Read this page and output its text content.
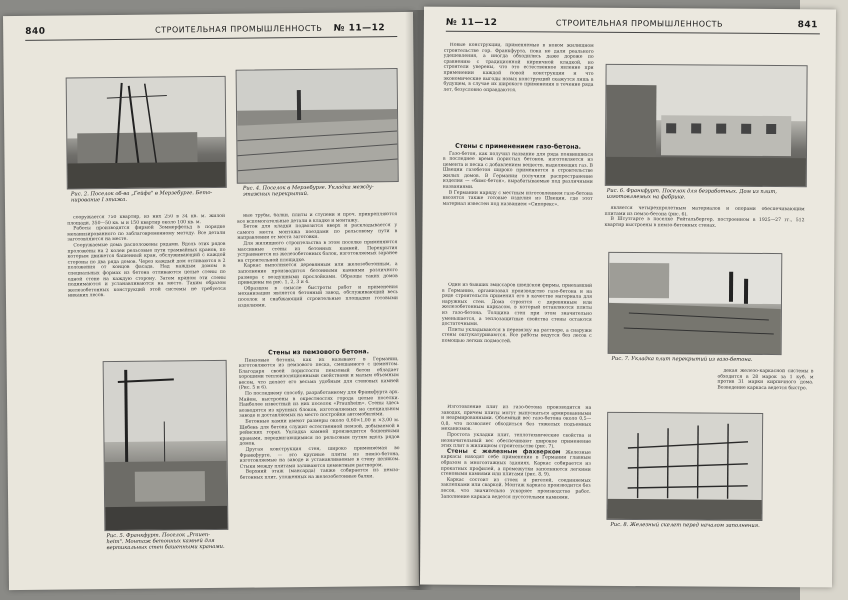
840	СТРОИТЕЛЬНАЯ ПРОМЫШЛЕННОСТЬ № 11—12
Рис. 2. Поселок об-ва „Гейфа" в Мерзебурге. Бето-нирование I этажа.
Рис. 4. Поселок в Мерзебурге. Укладка между-этажных перекрытий.

сооружается 750 квартир, из них 250 в 34 кв. м. жилой площади, 350—50 кв. м и 150 квартир около 100 кв. м.

Работы производятся фирмой Зоммерфельд в порядке механизированного по заблаговременному методу. Все детали заготовляются на месте.

Сооружаемые дома расположены рядами. Вдоль этих рядов проложены на 2 колеи рельсовые пути трамвайных кранов, по которым движется башенный кран, обслуживающий с каждой стороны по два ряда домов. Через каждый дом отливаются в 2 положения от концов фасада. Над каждым домом в специальных формах из бетона отливаются целые стены по одной стене на каждую сторону. Затем краном эти стены поднимаются и устанавливаются на место. Таким образом железобетонных конструкций этой системы не требуется никаких лесов.

Рис. 5. Франкфурт. Поселок „Prauen-heim". Монтаж бетонных камней для вертикальных стен башенными кранами.

ные трубы, балки, плиты и ступени и проч. прикрепляются все вспомогательные детали в кладке и монтажу.

Бетон для кладки подвозится вверх и раскладывается у самого места монтажа поездами по рельсовому пути в направлении от места заготовки.

Для жилищного строительства в этом поселке применяются массивные стены из бетонных камней. Перекрытия устраиваются из железобетонных балок, изготовляемых заранее на строительной площадке.

Каркас выполняется деревянным или железобетонным, а заполнение производится бетонными камнями различного размера с воздушными прослойками. Образцы таких домов приведены на рис. 1, 2, 3 и 4.

Образцом в смысле быстроты работ и применения механизации является бетонный завод, обслуживающий весь поселок и снабжающий строительные площадки готовыми изделиями.

Стены из пемзового бетона.

Пемзовые бетоны, как их называют в Германии, изготовляются из пемзового песка, смешанного с цементом. Благодаря своей пористости пемзовый бетон обладает хорошими теплоизоляционными свойствами и малым объемным весом, что делает его весьма удобным для стеновых камней (Рис. 5 и 6).

По последнему способу, разработанному для Франкфурта арх. Майем, выстроены в окрестностях города целые поселки. Наиболее известный из них поселок «Praunheim». Стены здесь возводятся из крупных блоков, изготовляемых на специальном заводе и доставляемых на место постройки автомобилями.

Бетонные камни имеют размеры около 0,60×1,00 и ×3,00 м. Щебень для бетона служит естественной пемзой, добываемой в рейнских горах. Укладка камней производится башенными кранами, передвигающимися по рельсовым путям вдоль рядов домов.

Другая конструкция стен, широко применяемая во Франкфурте, — это крупные плиты из пемзо-бетона, изготовляемые на заводе и устанавливаемые в стену целиком. Стыки между плитами заливаются цементным раствором.

Верхний этаж (мансарда) также собирается из пемзо-бетонных плит, уложенных на железобетонные балки.

№ 11—12	СТРОИТЕЛЬНАЯ ПРОМЫШЛЕННОСТЬ	841

Новые конструкции, применяемые в новом жилищном строительстве гор. Франкфурта, пока не дали реального удешевления, а иногда обходились даже дороже по сравнению с традиционной кирпичной кладкой, но строители уверены, что это естественное явление при применении каждой новой конструкции и что экономические выгоды новых конструкций скажутся лишь в будущем, в случае их широкого применения в течение ряда лет, безусловно оправдаются.

Стены с применением газо-бетона.

Газо-бетон, как получил название для ряда появившихся в последнее время пористых бетонов, изготовляется из цемента и песка с добавлением веществ, выделяющих газ. В Швеции газобетон широко применяется в строительстве жилых домов. В Германии получили распространение изделия — «бимс-бетон», вырабатываемые под различными названиями.

В Германии наряду с местным изготовлением газо-бетона ввозятся также готовые изделия из Швеции, где этот материал известен под названием «Сипорекс».

Один из бывших эмиссаров шведской фирмы, приехавший в Германию, организовал производство газо-бетона и на ряде строительств применил его в качестве материала для наружных стен. Дома строятся с деревянным или железобетонным каркасом, в который вставляются плиты из газо-бетона. Толщина стен при этом значительно уменьшается, а теплозащитные свойства стены остаются достаточными.

Плиты укладываются в перевязку на растворе, а снаружи стены оштукатуриваются. Все работы ведутся без лесов с помощью легких подмостей.

Изготовление плит из газо-бетона производится на заводах, причем плиты могут выпускаться армированными и неармированными. Объемный вес газо-бетона около 0,5—0,8, что позволяет обходиться без тяжелых подъемных механизмов.

Простота укладки плит, теплотехнические свойства и незначительный вес обеспечивают широкое применение этих плит в жилищном строительстве (рис. 7).

Стены с железным фахверком Железные каркасы находят себе применение в Германии главным образом в многоэтажных зданиях. Каркас собирается из прокатных профилей, а промежутки заполняются легкими стеновыми камнями или плитами (рис. 8, 9).

Каркас состоит из стоек и ригелей, соединяемых заклепками или сваркой. Монтаж каркаса производится без лесов, что значительно ускоряет производство работ. Заполнение каркаса ведется пустотелыми камнями.

Рис. 6. Франкфурт. Поселок для безработных. Дом из плит, изготовляемых на фабрике.

является четырехпролетным материалов и опорами обеспечивающим плитами из пемзо-бетона (рис. 6).

В Штутгарте в поселке Рейтальбергер, построенном в 1925—27 гг., 512 квартир выстроены в пемзо-бетонных стенах.

Рис. 7. Укладка плит перекрытий из газо-бетона.

декая железо-каркасной системы в обходится в 28 марок за 1 куб. м против 31 марки кирпичного дома. Возведение каркаса ведется быстро.

Рис. 8. Железный скелет перед началом заполнения.
